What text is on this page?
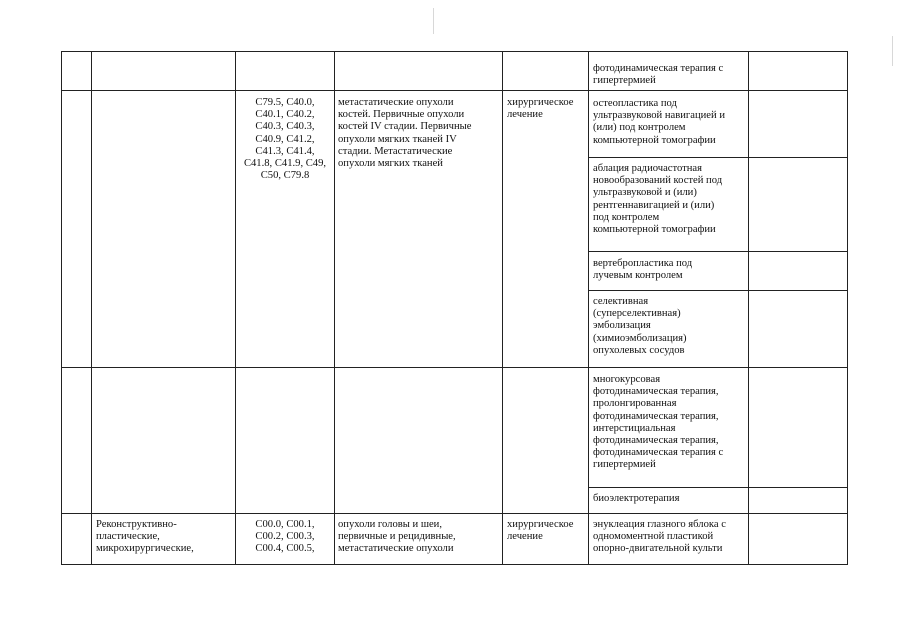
фотодинамическая терапия с
гипертермией
C79.5, C40.0,
C40.1, C40.2,
C40.3, C40.3,
C40.9, C41.2,
C41.3, C41.4,
C41.8, C41.9, C49,
C50, C79.8
метастатические опухоли
костей. Первичные опухоли
костей IV стадии. Первичные
опухоли мягких тканей IV
стадии. Метастатические
опухоли мягких тканей
хирургическое
лечение
остеопластика под
ультразвуковой навигацией и
(или) под контролем
компьютерной томографии
аблация радиочастотная
новообразований костей под
ультразвуковой и (или)
рентгеннавигацией и (или)
под контролем
компьютерной томографии
вертебропластика под
лучевым контролем
селективная
(суперселективная)
эмболизация
(химиоэмболизация)
опухолевых сосудов
многокурсовая
фотодинамическая терапия,
пролонгированная
фотодинамическая терапия,
интерстициальная
фотодинамическая терапия,
фотодинамическая терапия с
гипертермией
биоэлектротерапия
Реконструктивно-
пластические,
микрохирургические,
C00.0, C00.1,
C00.2, C00.3,
C00.4, C00.5,
опухоли головы и шеи,
первичные и рецидивные,
метастатические опухоли
хирургическое
лечение
энуклеация глазного яблока с
одномоментной пластикой
опорно-двигательной культи
